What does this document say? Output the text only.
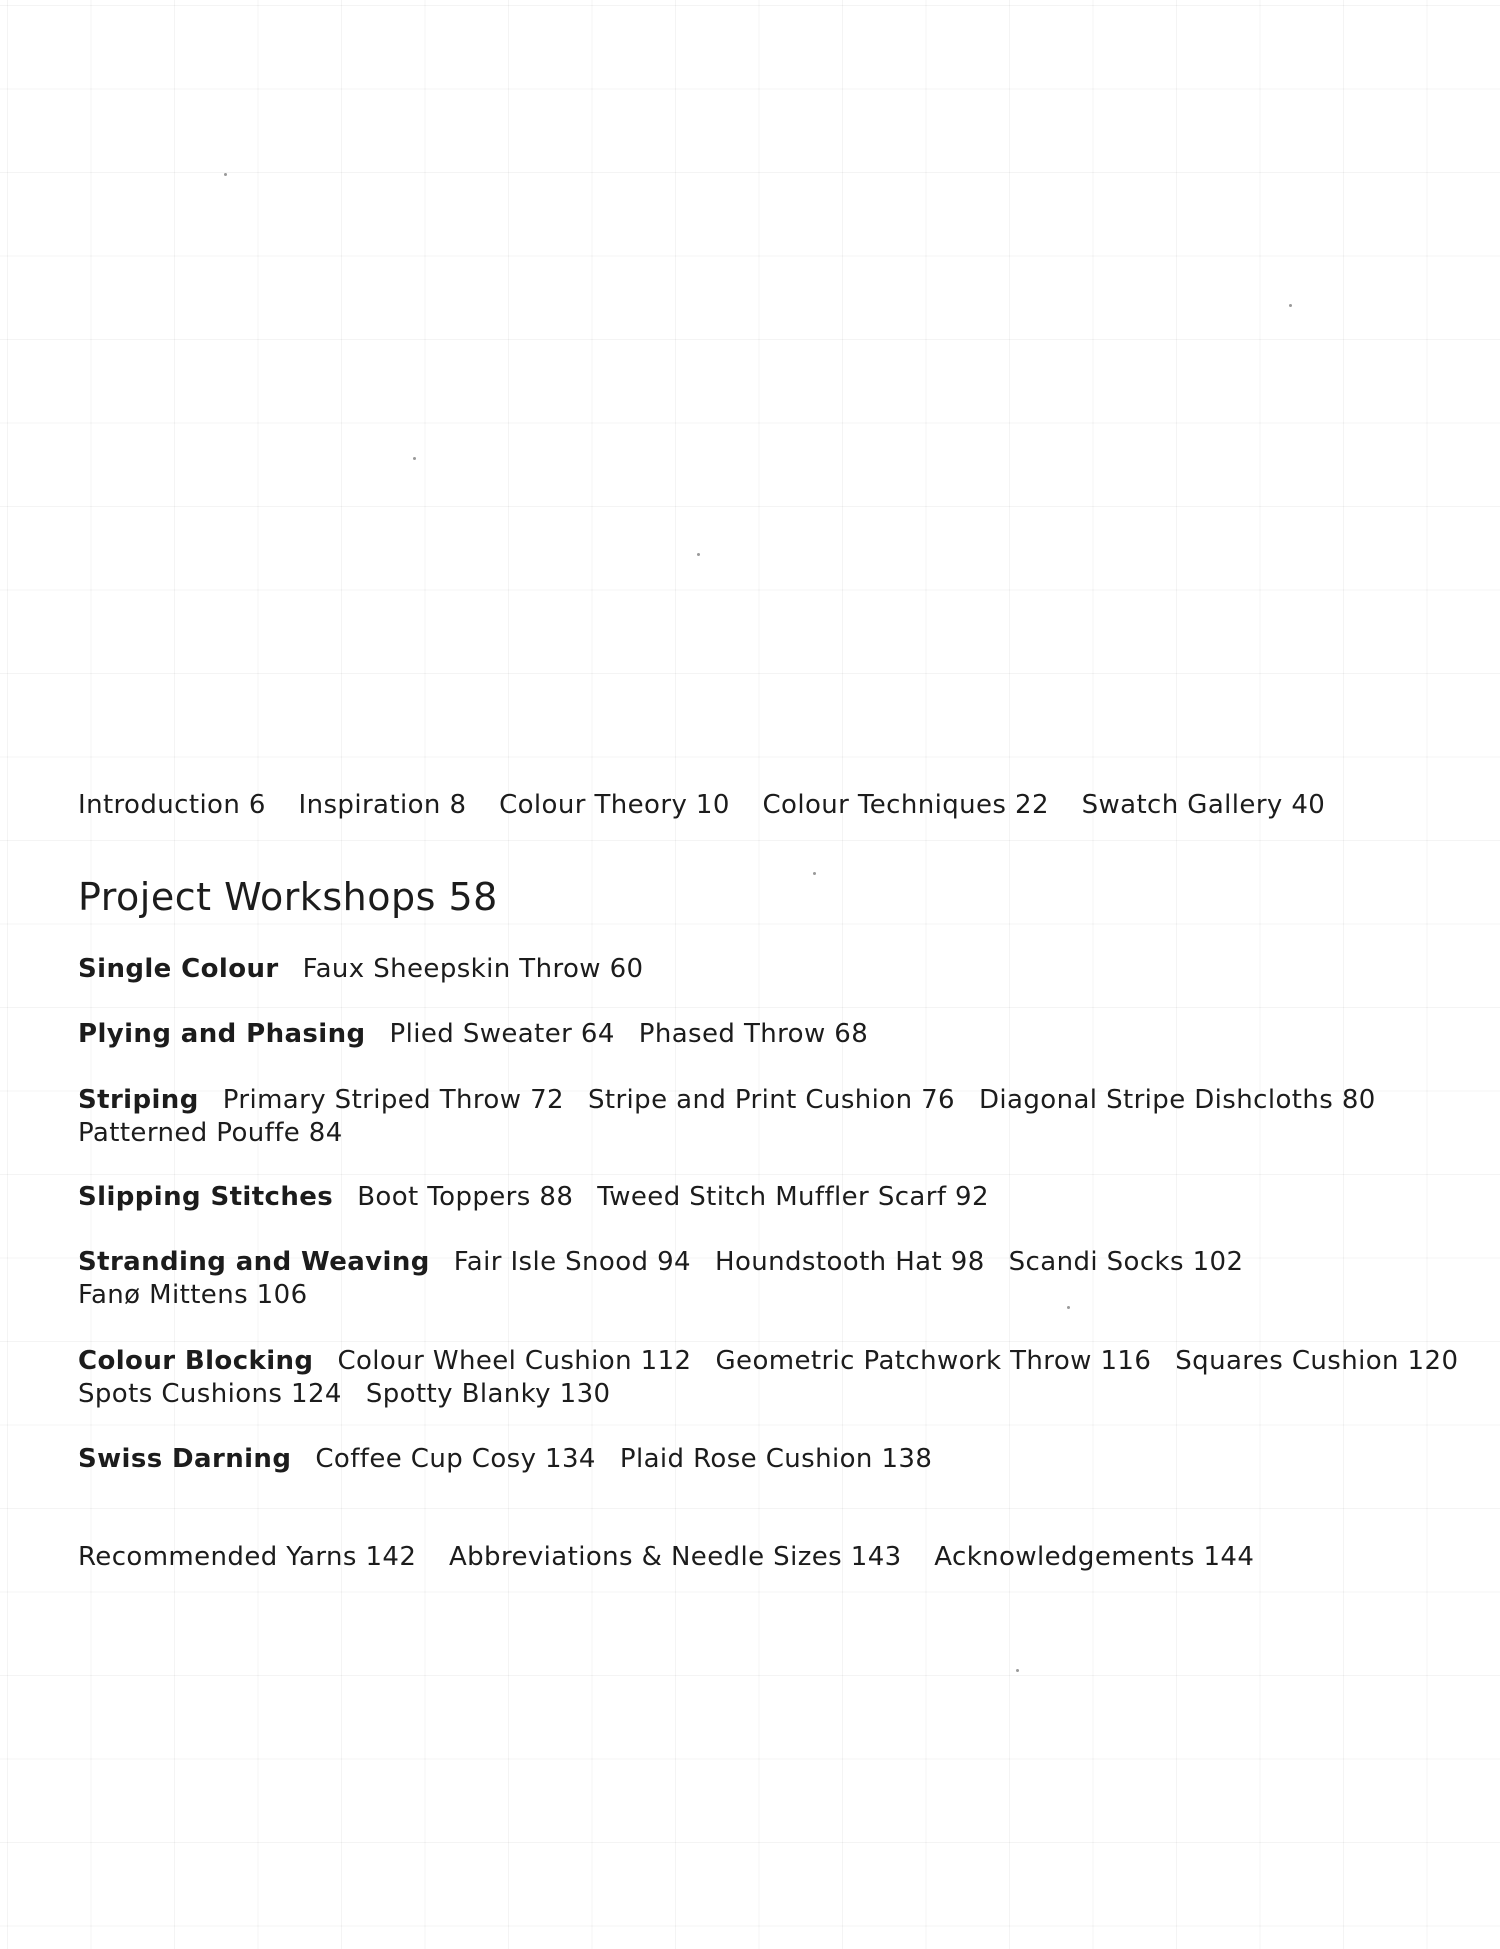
Introduction 6 Inspiration 8 Colour Theory 10 Colour Techniques 22 Swatch Gallery 40
Project Workshops 58
Single Colour Faux Sheepskin Throw 60
Plying and Phasing Plied Sweater 64 Phased Throw 68
Striping Primary Striped Throw 72 Stripe and Print Cushion 76 Diagonal Stripe Dishcloths 80
Patterned Pouffe 84
Slipping Stitches Boot Toppers 88 Tweed Stitch Muffler Scarf 92
Stranding and Weaving Fair Isle Snood 94 Houndstooth Hat 98 Scandi Socks 102
Fanø Mittens 106
Colour Blocking Colour Wheel Cushion 112 Geometric Patchwork Throw 116 Squares Cushion 120
Spots Cushions 124 Spotty Blanky 130
Swiss Darning Coffee Cup Cosy 134 Plaid Rose Cushion 138
Recommended Yarns 142 Abbreviations & Needle Sizes 143 Acknowledgements 144
